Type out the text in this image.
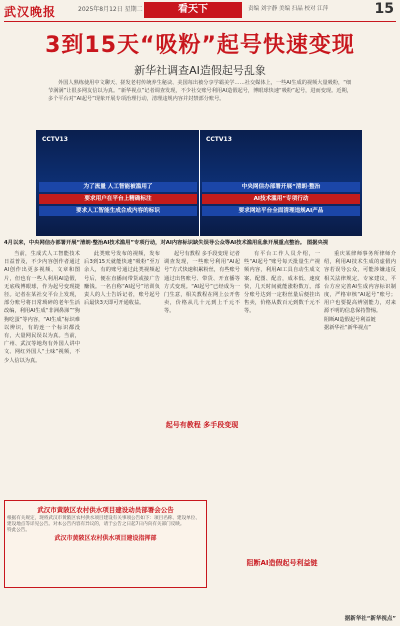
武汉晚报	2025年8月12日 星期二	看天下	责编 刘宇静 美编 扫晶 校对 江萍	15
3到15天“吸粉”起号快速变现
新华社调查AI造假起号乱象
外国人熟练使用中文聊天、搓发老村传统养生秘诀、美国每出被分享学霸美学……社交媒体上，一些AI生成的视频大量吸粉，“细节满满”让很多网友信以为真。“新华视点”记者调查发现，不少社交账号利用AI造假起号，博眼球快速“吸粉”起号，进而变现。近期，多个平台对“AI起号”现象开展专项治理行动，清理违规内容并封禁部分账号。
CCTV13	CCTV13
为了流量 人工智能被滥用了
要求用户在平台上精确标注
要求人工智能生成合成内容的标识
中央网信办部署开展“清朗·整治
AI技术滥用”专项行动
要求网站平台全面清理违规AI产品
4月以来，中央网信办部署开展“清朗·整治AI技术滥用”专项行动，对AI内容标识缺失误导公众等AI技术滥用乱象开展重点整治。 图据央视
当前，生成式人工智能技术日益普及，不少内容创作者通过AI创作出更多视频、文章和图片，但也有一些人利用AI造假，无底线博眼球，作为起号变现捷径。记者在某社交平台上发现，部分账号将日常琐碎的老年生活改编，利用AI生成“非洲鼻涕”“狗狗吃蛋”等内容，“AI生成”标识难以辨识，有的连一个标识都没有，大量网民误以为真。当前，广州、武汉等地均有外国人讲中文、网红外国人“土味”视频，不少人信以为真。
此类账号发布的视频，发布后3到15天就能快速“吸粉”至万余人，有的账号通过此类视频起号后，便在直播间带货或接广告赚钱。一名自称“AI起号”培训负责人的人士告诉记者，账号起号后最快3天即可开通收益。
起号有教程 多手段变现 记者调查发现，一些账号利用“AI起号”方式快速积累粉丝，有些账号通过出售账号、带货、开直播等方式变现。“AI起号”已经成为一门生意，相关教程在网上公开售卖，价格从几十元到上千元不等。
有平台工作人员介绍，一些“AI起号”账号每天批量生产视频内容，利用AI工具自动生成文案、配图、配音，成本低、速度快，几天时间就能涨粉数万。部分账号达到一定粉丝量后便挂出售卖，价格从数百元到数千元不等。
重庆某律师事务所律师介绍，利用AI技术生成的虚假内容若误导公众，可能涉嫌违反相关法律规定。专家建议，平台方应完善AI生成内容标识制度，严格审核“AI起号”账号；用户也要提高辨别能力，对来源不明的信息保持警惕。
阻断AI造假起号利益链
据新华社“新华视点”
起号有教程 多手段变现
阻断AI造假起号利益链
武汉市黄陂区农村供水项目建设动员部署会公告
根据有关规定，现将武汉市黄陂区农村供水项目建设有关事项公告如下：项目名称、建设单位、建设地点等详见公告。对本公告内容有异议的，请于公告之日起7日内向有关部门反映。
特此公告。
武汉市黄陂区农村供水项目建设指挥部
据新华社“新华视点”
